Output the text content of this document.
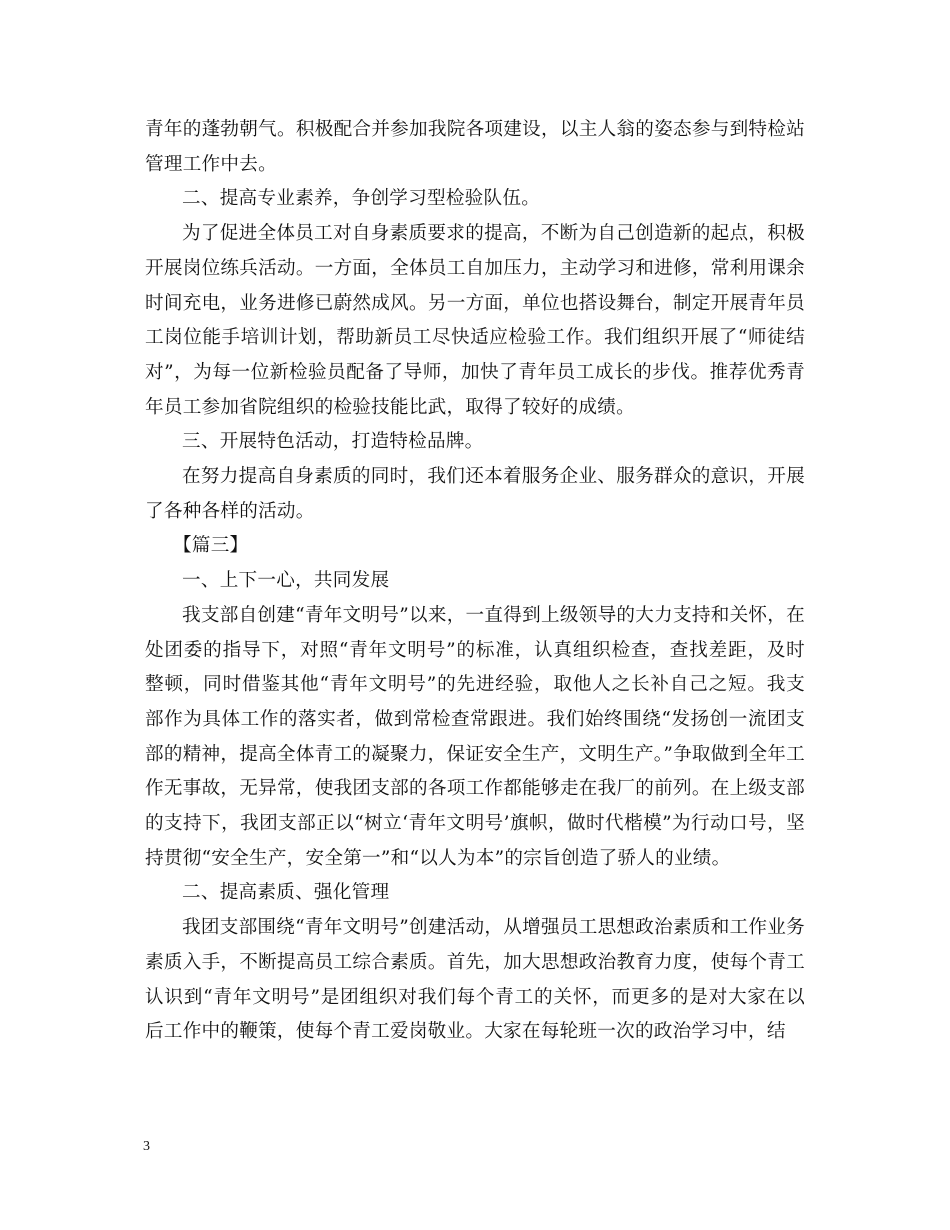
青年的蓬勃朝气。积极配合并参加我院各项建设，以主人翁的姿态参与到特检站管理工作中去。

二、提高专业素养，争创学习型检验队伍。

为了促进全体员工对自身素质要求的提高，不断为自己创造新的起点，积极开展岗位练兵活动。一方面，全体员工自加压力，主动学习和进修，常利用课余时间充电，业务进修已蔚然成风。另一方面，单位也搭设舞台，制定开展青年员工岗位能手培训计划，帮助新员工尽快适应检验工作。我们组织开展了“师徒结对”，为每一位新检验员配备了导师，加快了青年员工成长的步伐。推荐优秀青年员工参加省院组织的检验技能比武，取得了较好的成绩。

三、开展特色活动，打造特检品牌。

在努力提高自身素质的同时，我们还本着服务企业、服务群众的意识，开展了各种各样的活动。

【篇三】

一、上下一心，共同发展

我支部自创建“青年文明号”以来，一直得到上级领导的大力支持和关怀，在处团委的指导下，对照“青年文明号”的标准，认真组织检查，查找差距，及时整顿，同时借鉴其他“青年文明号”的先进经验，取他人之长补自己之短。我支部作为具体工作的落实者，做到常检查常跟进。我们始终围绕“发扬创一流团支部的精神，提高全体青工的凝聚力，保证安全生产，文明生产。”争取做到全年工作无事故，无异常，使我团支部的各项工作都能够走在我厂的前列。在上级支部的支持下，我团支部正以“树立‘青年文明号’旗帜，做时代楷模”为行动口号，坚持贯彻“安全生产，安全第一”和“以人为本”的宗旨创造了骄人的业绩。

二、提高素质、强化管理

我团支部围绕“青年文明号”创建活动，从增强员工思想政治素质和工作业务素质入手，不断提高员工综合素质。首先，加大思想政治教育力度，使每个青工认识到“青年文明号”是团组织对我们每个青工的关怀，而更多的是对大家在以后工作中的鞭策，使每个青工爱岗敬业。大家在每轮班一次的政治学习中，结

3
